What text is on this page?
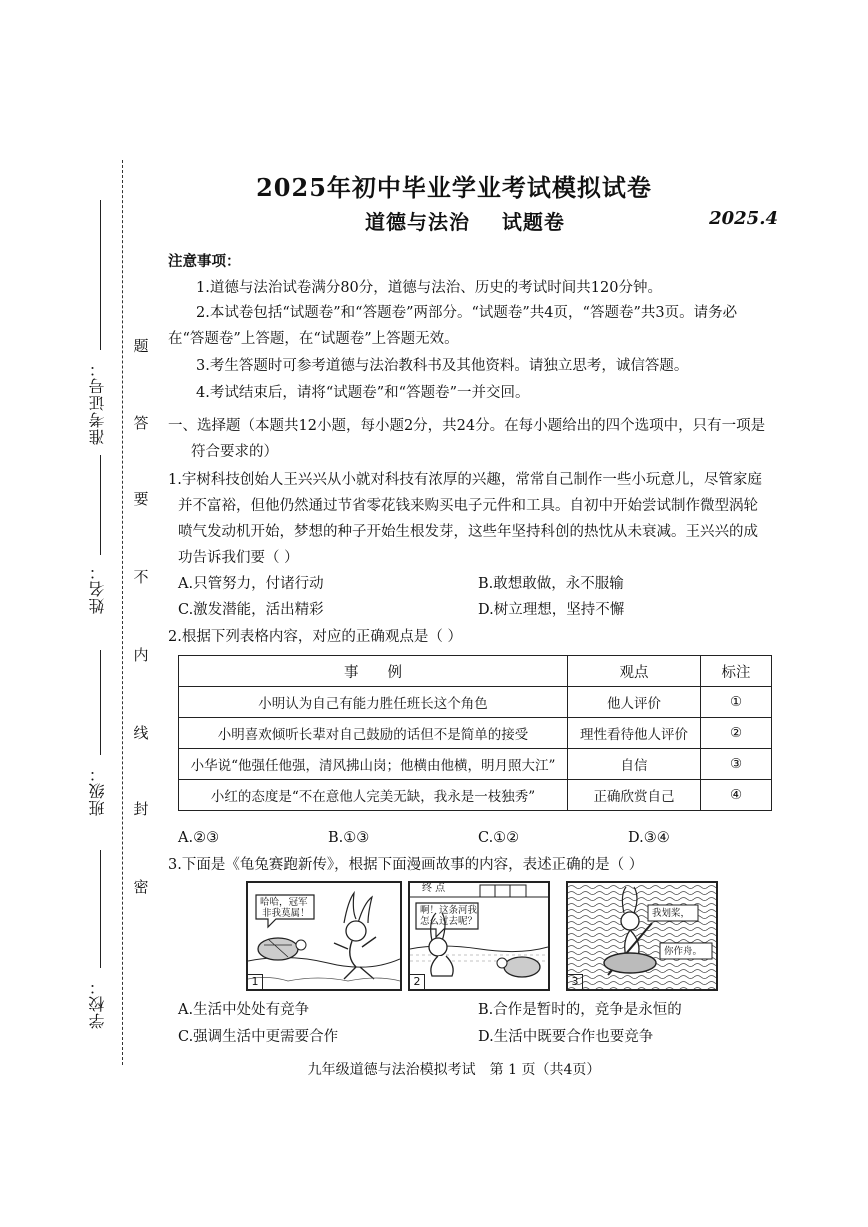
题
答
要
不
内
线
封
密
准考证号：
姓名：
班级：
学校：
2025年初中毕业学业考试模拟试卷
道德与法治    试题卷	2025.4
注意事项：
1.道德与法治试卷满分80分，道德与法治、历史的考试时间共120分钟。
2.本试卷包括“试题卷”和“答题卷”两部分。“试题卷”共4页，“答题卷”共3页。请务必
在“答题卷”上答题，在“试题卷”上答题无效。
3.考生答题时可参考道德与法治教科书及其他资料。请独立思考，诚信答题。
4.考试结束后，请将“试题卷”和“答题卷”一并交回。
一、选择题（本题共12小题，每小题2分，共24分。在每小题给出的四个选项中，只有一项是
符合要求的）
1.宇树科技创始人王兴兴从小就对科技有浓厚的兴趣，常常自己制作一些小玩意儿，尽管家庭
并不富裕，但他仍然通过节省零花钱来购买电子元件和工具。自初中开始尝试制作微型涡轮
喷气发动机开始，梦想的种子开始生根发芽，这些年坚持科创的热忱从未衰减。王兴兴的成
功告诉我们要（ ）
A.只管努力，付诸行动	B.敢想敢做，永不服输
C.激发潜能，活出精彩	D.树立理想，坚持不懈
2.根据下列表格内容，对应的正确观点是（ ）
事　　例	观点	标注
小明认为自己有能力胜任班长这个角色	他人评价	①
小明喜欢倾听长辈对自己鼓励的话但不是简单的接受	理性看待他人评价	②
小华说“他强任他强，清风拂山岗；他横由他横，明月照大江”	自信	③
小红的态度是“不在意他人完美无缺，我永是一枝独秀”	正确欣赏自己	④
A.②③	B.①③	C.①②	D.③④
3.下面是《龟兔赛跑新传》，根据下面漫画故事的内容，表述正确的是（ ）
哈哈，冠军
非我莫属！
1
终 点
啊！这条河我
怎么过去呢？
2
我划桨，
你作舟。
3
A.生活中处处有竞争	B.合作是暂时的，竞争是永恒的
C.强调生活中更需要合作	D.生活中既要合作也要竞争
九年级道德与法治模拟考试　第 1 页（共4页）
